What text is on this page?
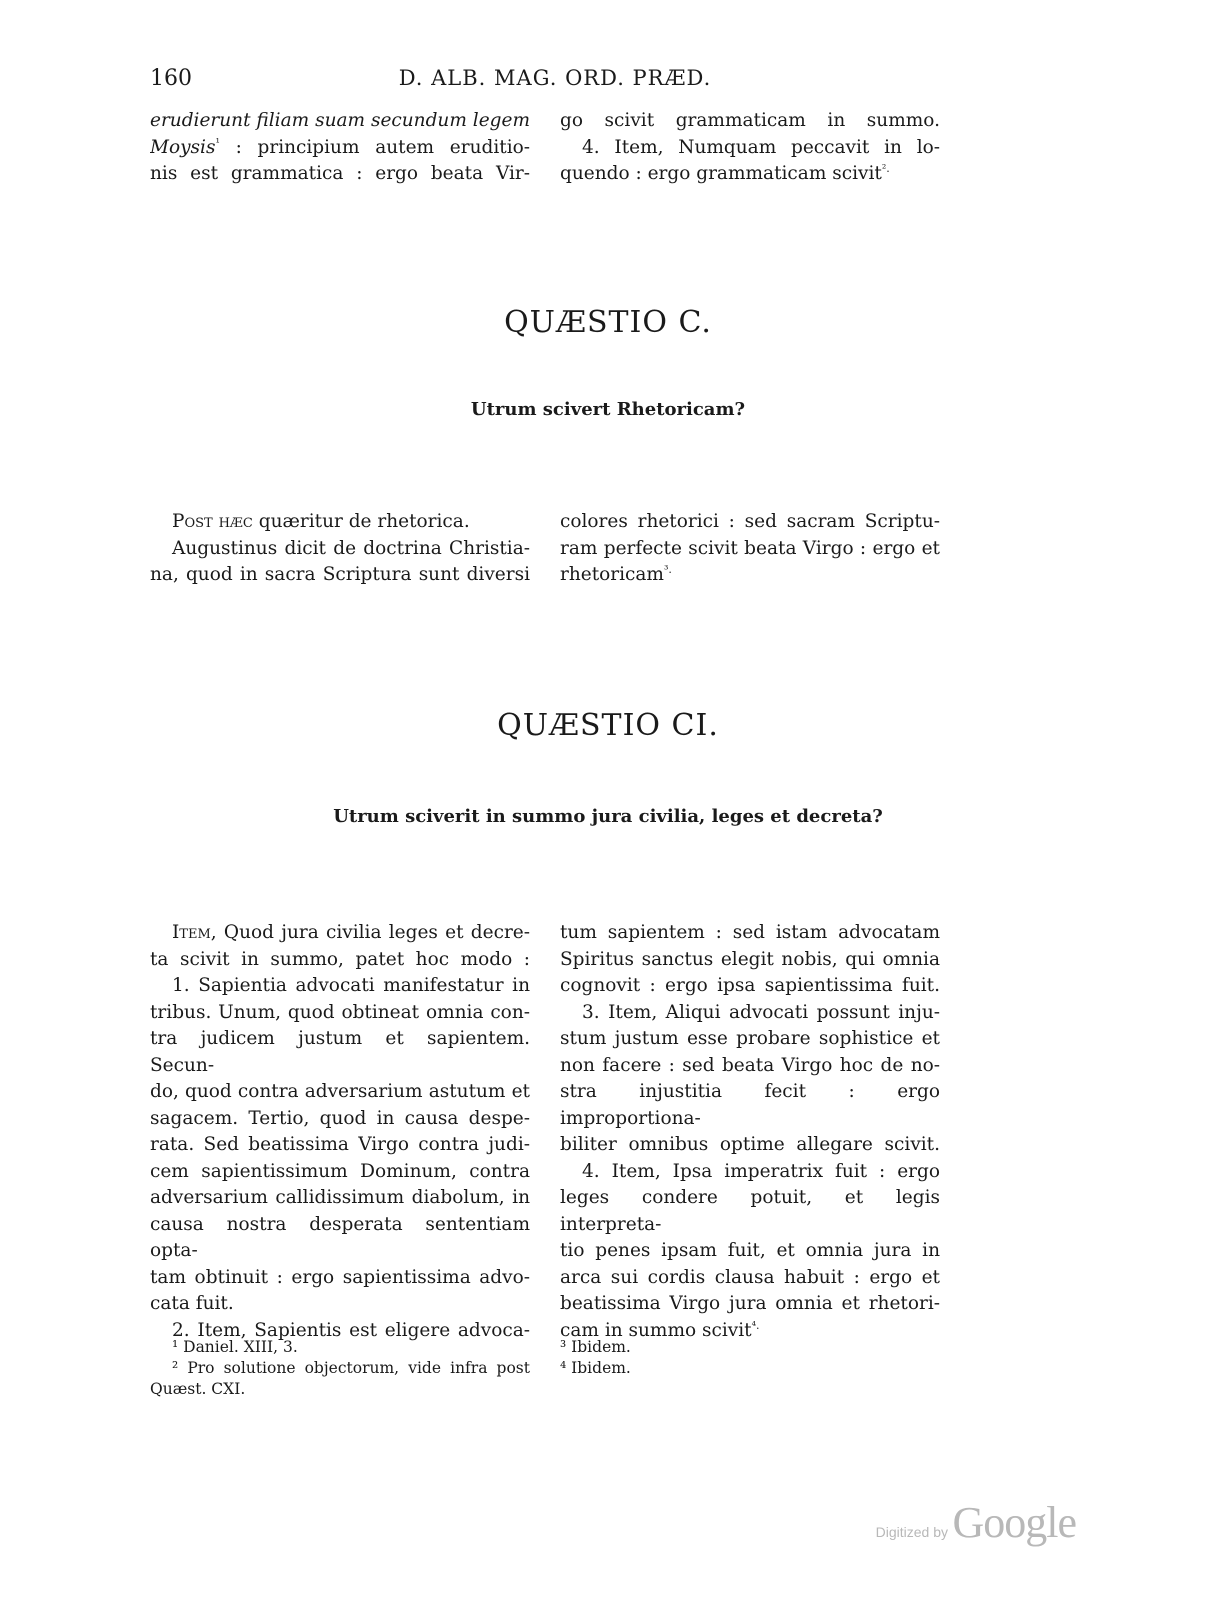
160	D. ALB. MAG. ORD. PRÆD.
erudierunt filiam suam secundum legem
Moysis$^{^1}$ : principium autem eruditio-
nis est grammatica : ergo beata Vir-
go scivit grammaticam in summo.
4. Item, Numquam peccavit in lo-
quendo : ergo grammaticam scivit$^{^2.}$
QUÆSTIO C.
Utrum scivert Rhetoricam?
Post hæc quæritur de rhetorica.
Augustinus dicit de doctrina Christia-
na, quod in sacra Scriptura sunt diversi
colores rhetorici : sed sacram Scriptu-
ram perfecte scivit beata Virgo : ergo et
rhetoricam$^{^3.}$
QUÆSTIO CI.
Utrum sciverit in summo jura civilia, leges et decreta?
Item, Quod jura civilia leges et decre-
ta scivit in summo, patet hoc modo :
1. Sapientia advocati manifestatur in
tribus. Unum, quod obtineat omnia con-
tra judicem justum et sapientem. Secun-
do, quod contra adversarium astutum et
sagacem. Tertio, quod in causa despe-
rata. Sed beatissima Virgo contra judi-
cem sapientissimum Dominum, contra
adversarium callidissimum diabolum, in
causa nostra desperata sententiam opta-
tam obtinuit : ergo sapientissima advo-
cata fuit.
2. Item, Sapientis est eligere advoca-
tum sapientem : sed istam advocatam
Spiritus sanctus elegit nobis, qui omnia
cognovit : ergo ipsa sapientissima fuit.
3. Item, Aliqui advocati possunt inju-
stum justum esse probare sophistice et
non facere : sed beata Virgo hoc de no-
stra injustitia fecit : ergo improportiona-
biliter omnibus optime allegare scivit.
4. Item, Ipsa imperatrix fuit : ergo
leges condere potuit, et legis interpreta-
tio penes ipsam fuit, et omnia jura in
arca sui cordis clausa habuit : ergo et
beatissima Virgo jura omnia et rhetori-
cam in summo scivit$^{^4.}$
¹ Daniel. XIII, 3.
² Pro solutione objectorum, vide infra post
Quæst. CXI.
³ Ibidem.
⁴ Ibidem.
Digitized by Google
